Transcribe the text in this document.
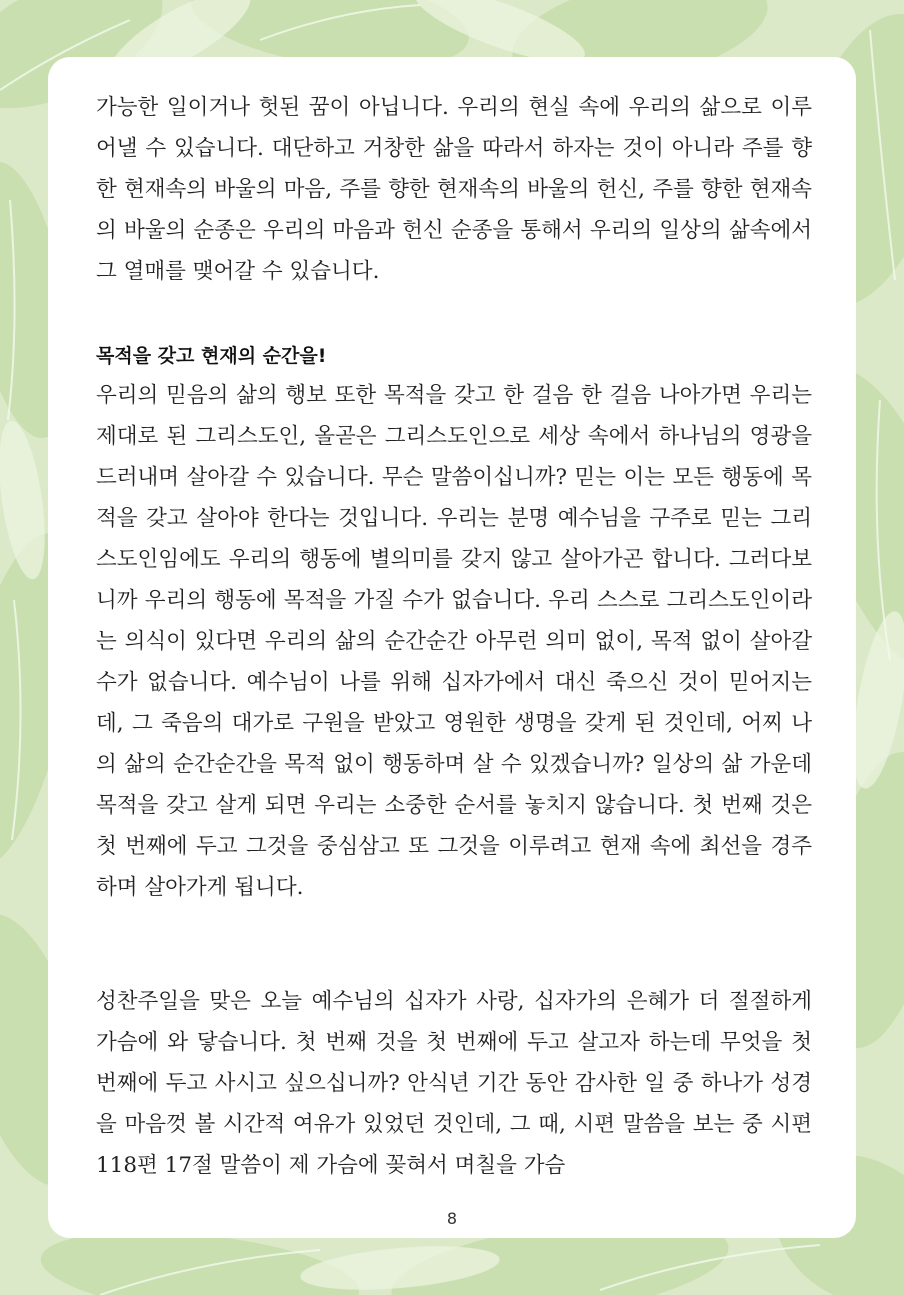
가능한 일이거나 헛된 꿈이 아닙니다. 우리의 현실 속에 우리의 삶으로 이루어낼 수 있습니다. 대단하고 거창한 삶을 따라서 하자는 것이 아니라 주를 향한 현재속의 바울의 마음, 주를 향한 현재속의 바울의 헌신, 주를 향한 현재속의 바울의 순종은 우리의 마음과 헌신 순종을 통해서 우리의 일상의 삶속에서 그 열매를 맺어갈 수 있습니다.

목적을 갖고 현재의 순간을!

우리의 믿음의 삶의 행보 또한 목적을 갖고 한 걸음 한 걸음 나아가면 우리는 제대로 된 그리스도인, 올곧은 그리스도인으로 세상 속에서 하나님의 영광을 드러내며 살아갈 수 있습니다. 무슨 말씀이십니까? 믿는 이는 모든 행동에 목적을 갖고 살아야 한다는 것입니다. 우리는 분명 예수님을 구주로 믿는 그리스도인임에도 우리의 행동에 별의미를 갖지 않고 살아가곤 합니다. 그러다보니까 우리의 행동에 목적을 가질 수가 없습니다. 우리 스스로 그리스도인이라는 의식이 있다면 우리의 삶의 순간순간 아무런 의미 없이, 목적 없이 살아갈 수가 없습니다. 예수님이 나를 위해 십자가에서 대신 죽으신 것이 믿어지는데, 그 죽음의 대가로 구원을 받았고 영원한 생명을 갖게 된 것인데, 어찌 나의 삶의 순간순간을 목적 없이 행동하며 살 수 있겠습니까? 일상의 삶 가운데 목적을 갖고 살게 되면 우리는 소중한 순서를 놓치지 않습니다. 첫 번째 것은 첫 번째에 두고 그것을 중심삼고 또 그것을 이루려고 현재 속에 최선을 경주하며 살아가게 됩니다.

성찬주일을 맞은 오늘 예수님의 십자가 사랑, 십자가의 은혜가 더 절절하게 가슴에 와 닿습니다. 첫 번째 것을 첫 번째에 두고 살고자 하는데 무엇을 첫 번째에 두고 사시고 싶으십니까? 안식년 기간 동안 감사한 일 중 하나가 성경을 마음껏 볼 시간적 여유가 있었던 것인데, 그 때, 시편 말씀을 보는 중 시편 118편 17절 말씀이 제 가슴에 꽂혀서 며칠을 가슴

8
